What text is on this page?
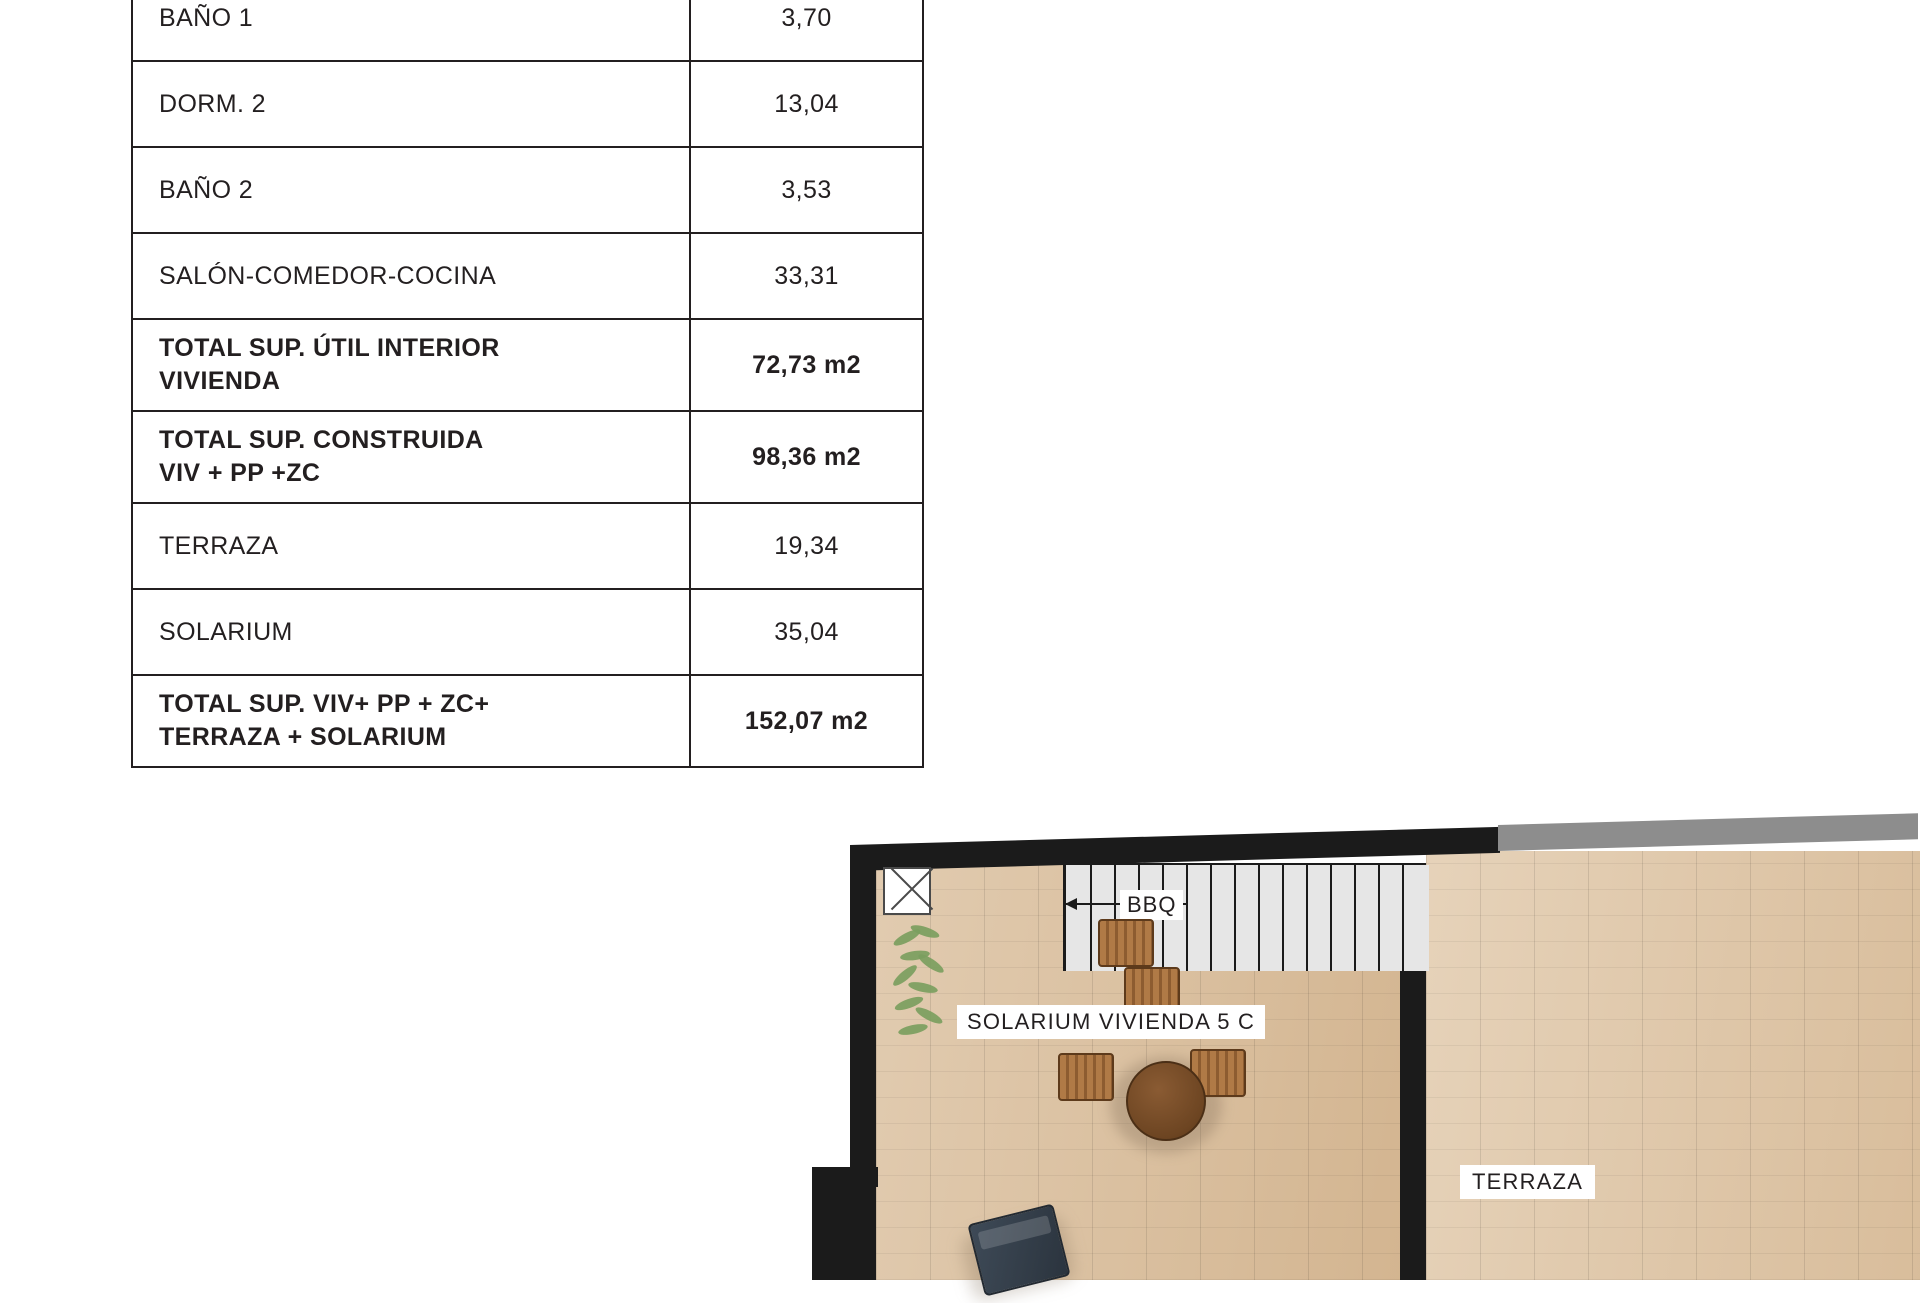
BAÑO 1	3,70
DORM. 2	13,04
BAÑO 2	3,53
SALÓN-COMEDOR-COCINA	33,31

TOTAL SUP. ÚTIL INTERIOR
VIVIENDA	72,73 m2

TOTAL SUP. CONSTRUIDA
VIV + PP +ZC	98,36 m2
TERRAZA	19,34
SOLARIUM	35,04

TOTAL SUP. VIV+ PP + ZC+
TERRAZA + SOLARIUM	152,07 m2
BBQ
SOLARIUM VIVIENDA 5 C
TERRAZA
